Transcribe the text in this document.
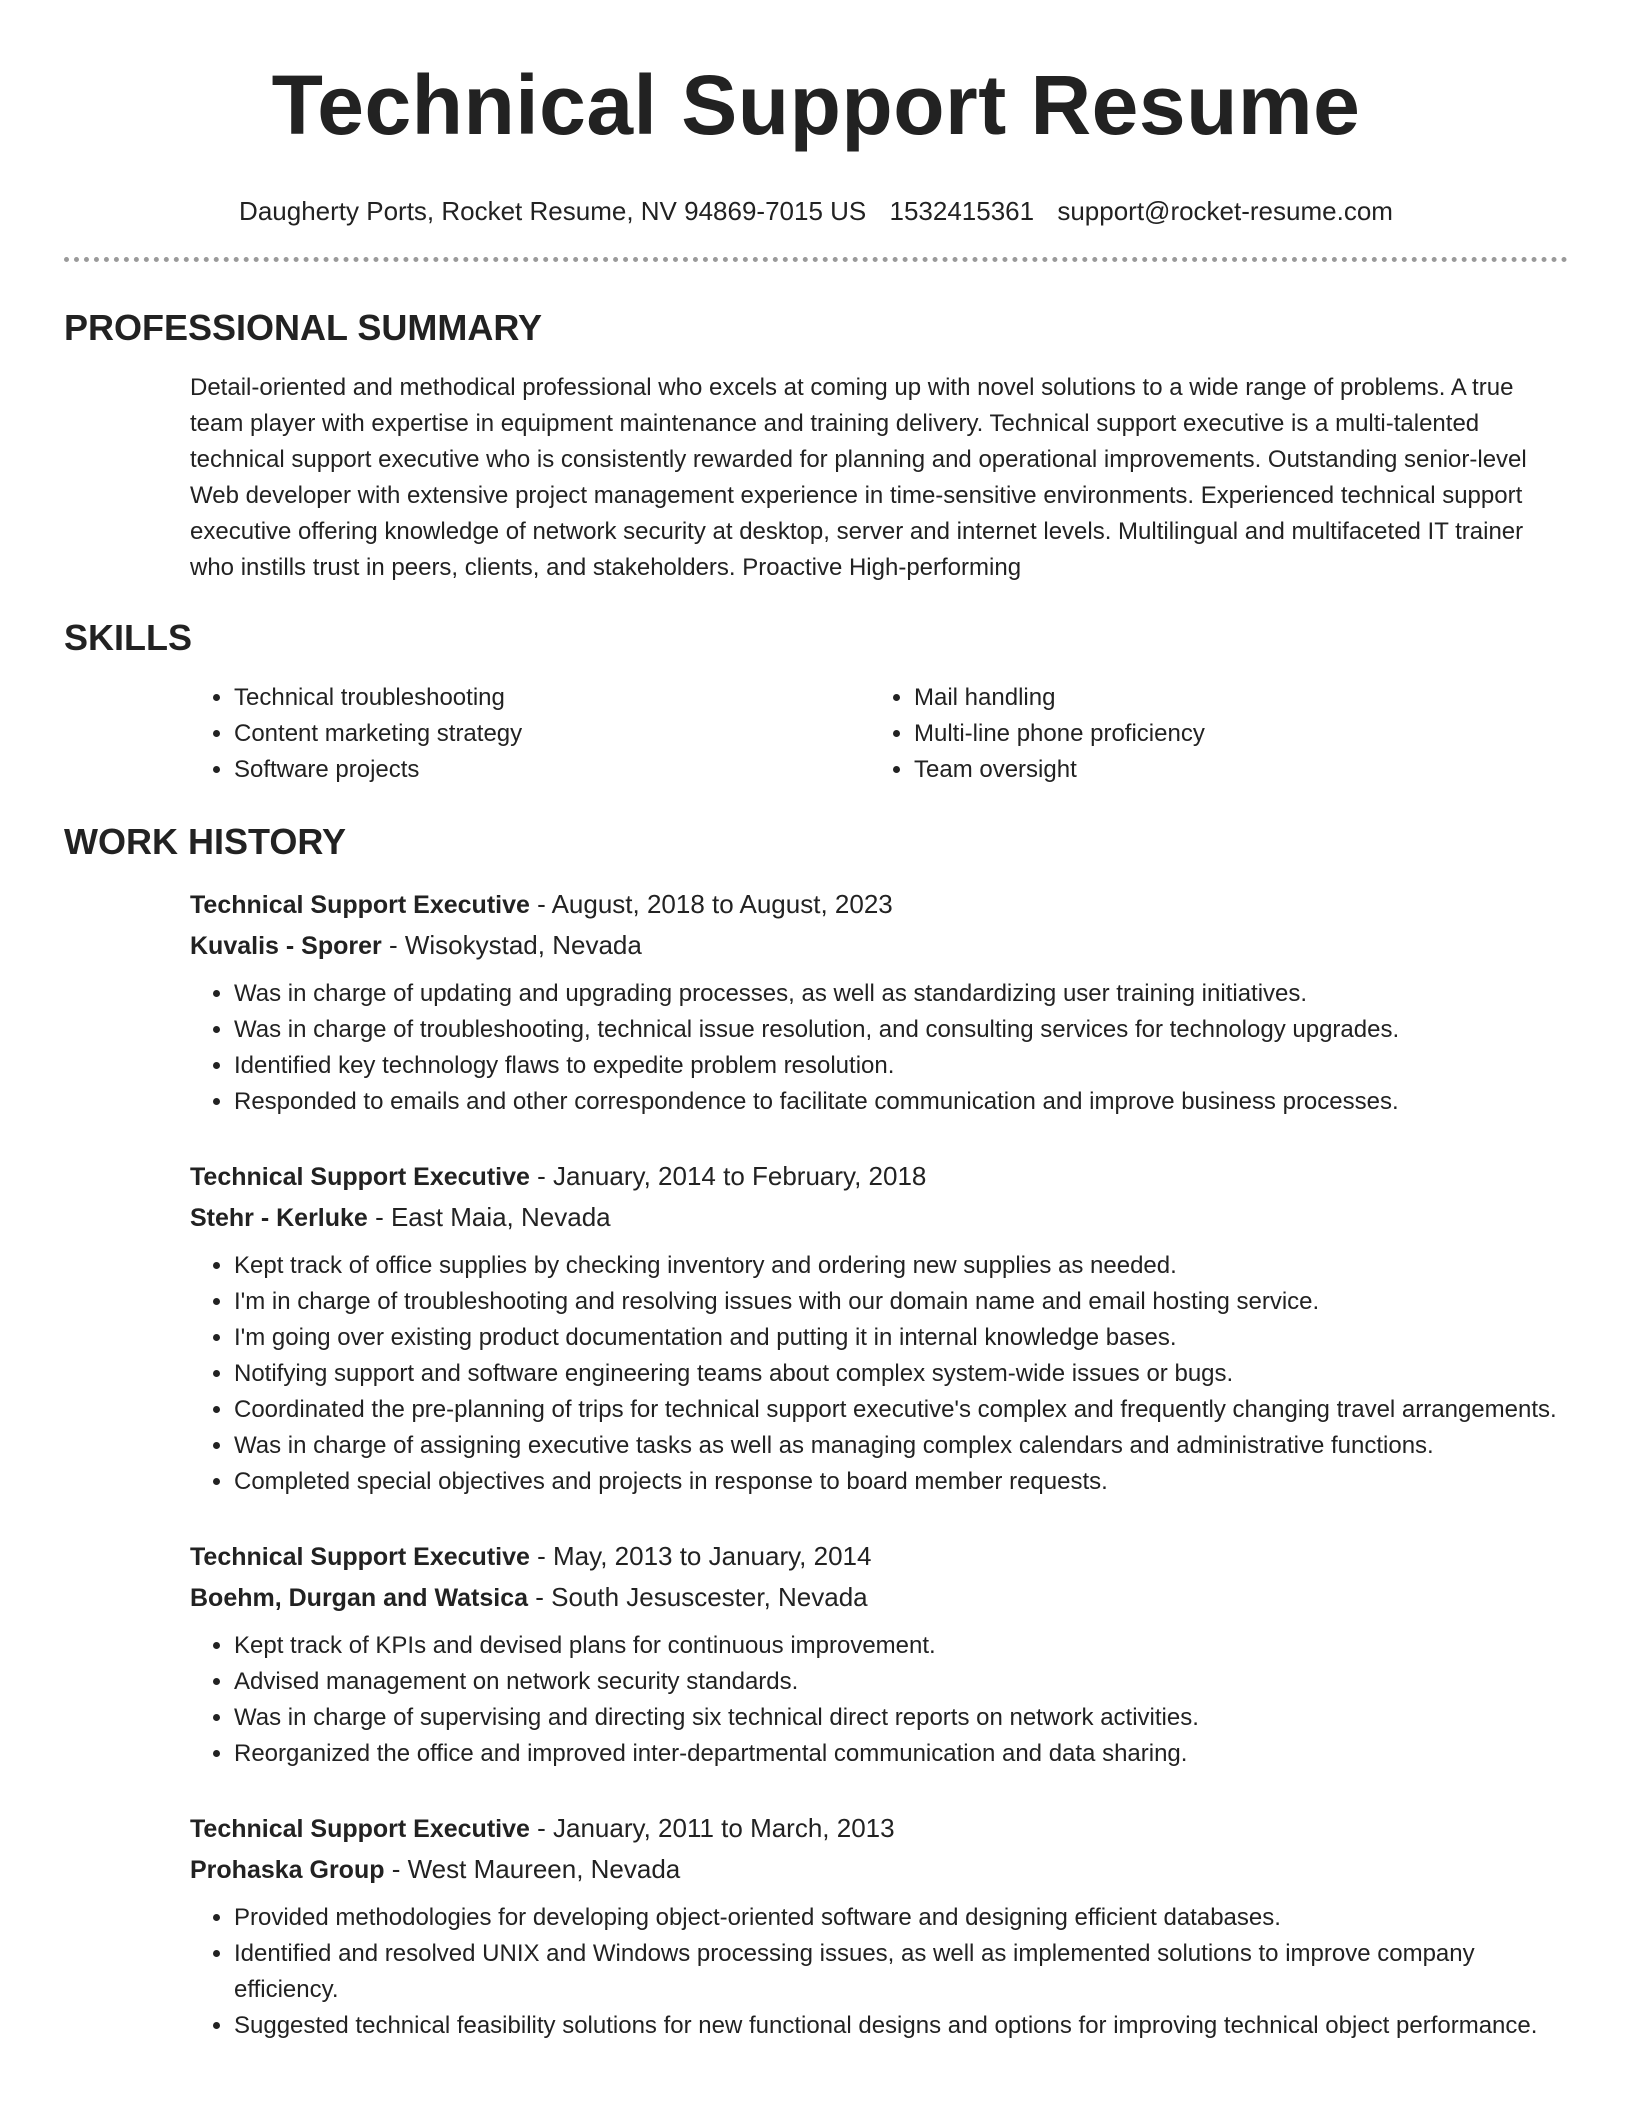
Technical Support Resume
Daugherty Ports, Rocket Resume, NV 94869-7015 US 1532415361 support@rocket-resume.com
PROFESSIONAL SUMMARY

Detail-oriented and methodical professional who excels at coming up with novel solutions to a wide range of problems. A true team player with expertise in equipment maintenance and training delivery. Technical support executive is a multi-talented technical support executive who is consistently rewarded for planning and operational improvements. Outstanding senior-level Web developer with extensive project management experience in time-sensitive environments. Experienced technical support executive offering knowledge of network security at desktop, server and internet levels. Multilingual and multifaceted IT trainer who instills trust in peers, clients, and stakeholders. Proactive High-performing

SKILLS
• Technical troubleshooting
• Content marketing strategy
• Software projects
• Mail handling
• Multi-line phone proficiency
• Team oversight
WORK HISTORY
Technical Support Executive - August, 2018 to August, 2023
Kuvalis - Sporer - Wisokystad, Nevada
• Was in charge of updating and upgrading processes, as well as standardizing user training initiatives.
• Was in charge of troubleshooting, technical issue resolution, and consulting services for technology upgrades.
• Identified key technology flaws to expedite problem resolution.
• Responded to emails and other correspondence to facilitate communication and improve business processes.
Technical Support Executive - January, 2014 to February, 2018
Stehr - Kerluke - East Maia, Nevada
• Kept track of office supplies by checking inventory and ordering new supplies as needed.
• I'm in charge of troubleshooting and resolving issues with our domain name and email hosting service.
• I'm going over existing product documentation and putting it in internal knowledge bases.
• Notifying support and software engineering teams about complex system-wide issues or bugs.
• Coordinated the pre-planning of trips for technical support executive's complex and frequently changing travel arrangements.
• Was in charge of assigning executive tasks as well as managing complex calendars and administrative functions.
• Completed special objectives and projects in response to board member requests.
Technical Support Executive - May, 2013 to January, 2014
Boehm, Durgan and Watsica - South Jesuscester, Nevada
• Kept track of KPIs and devised plans for continuous improvement.
• Advised management on network security standards.
• Was in charge of supervising and directing six technical direct reports on network activities.
• Reorganized the office and improved inter-departmental communication and data sharing.
Technical Support Executive - January, 2011 to March, 2013
Prohaska Group - West Maureen, Nevada
• Provided methodologies for developing object-oriented software and designing efficient databases.
• Identified and resolved UNIX and Windows processing issues, as well as implemented solutions to improve company efficiency.
• Suggested technical feasibility solutions for new functional designs and options for improving technical object performance.
